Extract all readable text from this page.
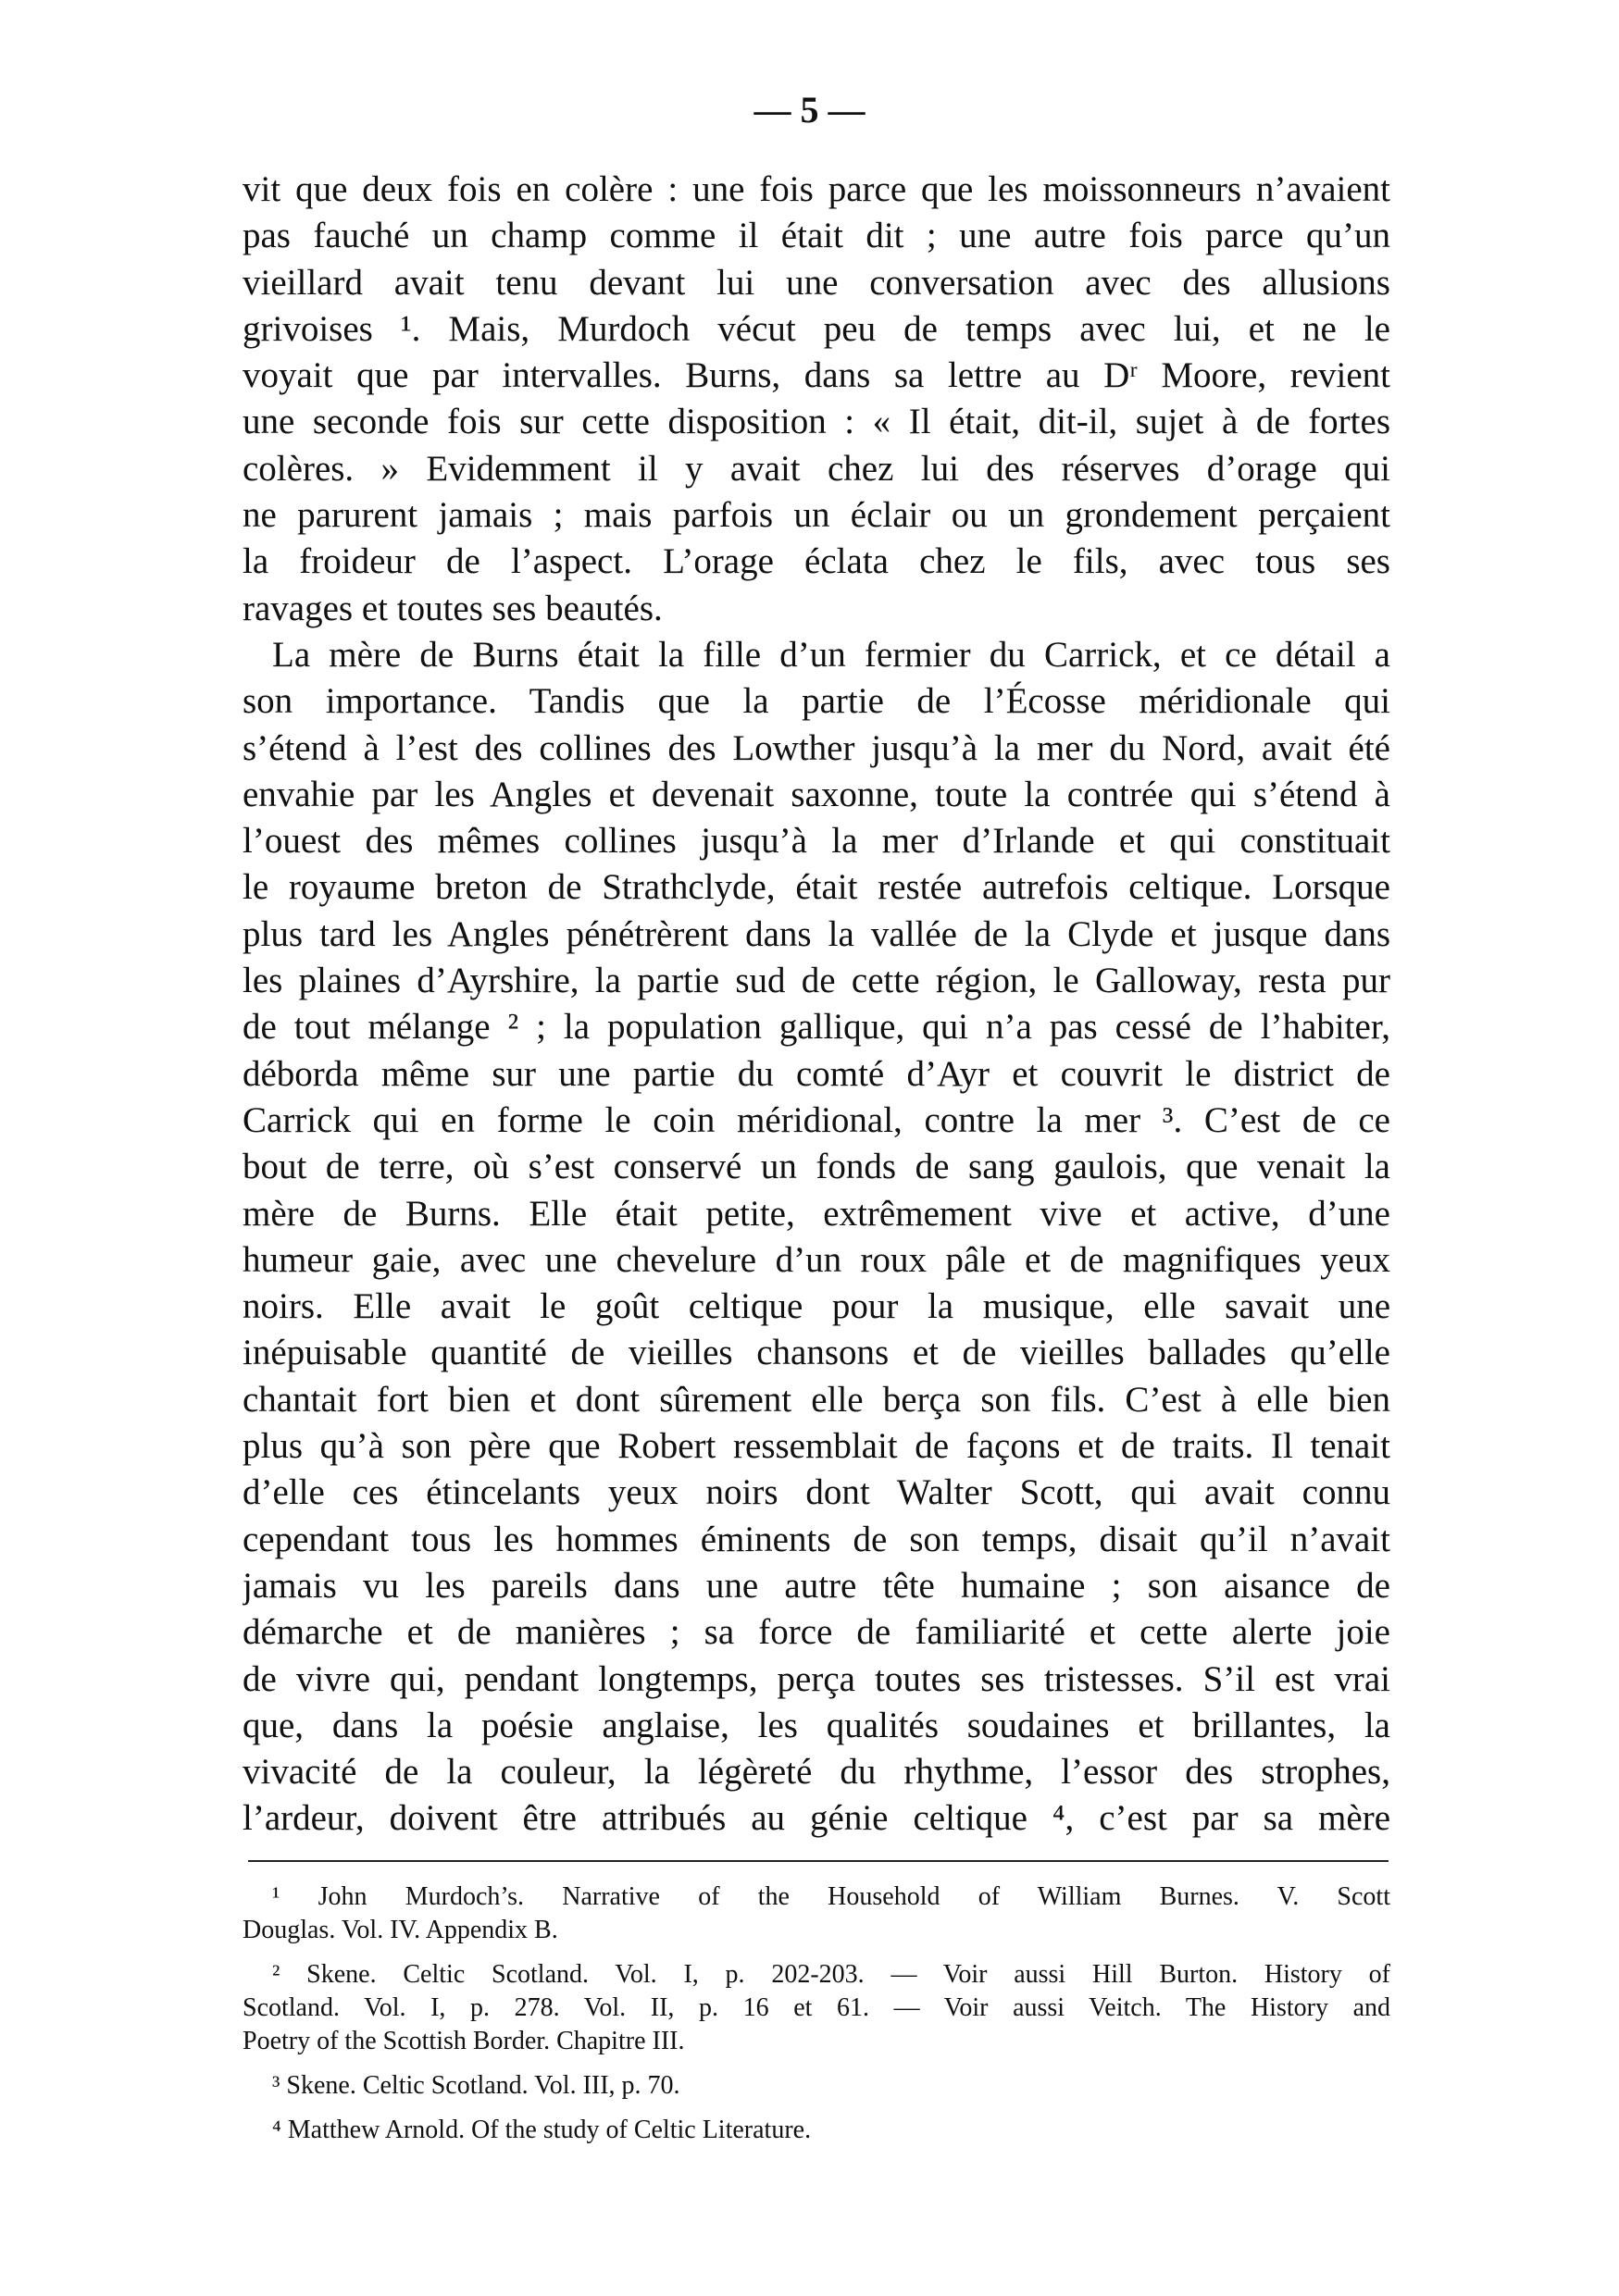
— 5 —
vit que deux fois en colère : une fois parce que les moissonneurs n’avaient
pas fauché un champ comme il était dit ; une autre fois parce qu’un
vieillard avait tenu devant lui une conversation avec des allusions
grivoises ¹. Mais, Murdoch vécut peu de temps avec lui, et ne le
voyait que par intervalles. Burns, dans sa lettre au Dʳ Moore, revient
une seconde fois sur cette disposition : « Il était, dit-il, sujet à de fortes
colères. » Evidemment il y avait chez lui des réserves d’orage qui
ne parurent jamais ; mais parfois un éclair ou un grondement perçaient
la froideur de l’aspect. L’orage éclata chez le fils, avec tous ses
ravages et toutes ses beautés.
La mère de Burns était la fille d’un fermier du Carrick, et ce détail a
son importance. Tandis que la partie de l’Écosse méridionale qui
s’étend à l’est des collines des Lowther jusqu’à la mer du Nord, avait été
envahie par les Angles et devenait saxonne, toute la contrée qui s’étend à
l’ouest des mêmes collines jusqu’à la mer d’Irlande et qui constituait
le royaume breton de Strathclyde, était restée autrefois celtique. Lorsque
plus tard les Angles pénétrèrent dans la vallée de la Clyde et jusque dans
les plaines d’Ayrshire, la partie sud de cette région, le Galloway, resta pur
de tout mélange ² ; la population gallique, qui n’a pas cessé de l’habiter,
déborda même sur une partie du comté d’Ayr et couvrit le district de
Carrick qui en forme le coin méridional, contre la mer ³. C’est de ce
bout de terre, où s’est conservé un fonds de sang gaulois, que venait la
mère de Burns. Elle était petite, extrêmement vive et active, d’une
humeur gaie, avec une chevelure d’un roux pâle et de magnifiques yeux
noirs. Elle avait le goût celtique pour la musique, elle savait une
inépuisable quantité de vieilles chansons et de vieilles ballades qu’elle
chantait fort bien et dont sûrement elle berça son fils. C’est à elle bien
plus qu’à son père que Robert ressemblait de façons et de traits. Il tenait
d’elle ces étincelants yeux noirs dont Walter Scott, qui avait connu
cependant tous les hommes éminents de son temps, disait qu’il n’avait
jamais vu les pareils dans une autre tête humaine ; son aisance de
démarche et de manières ; sa force de familiarité et cette alerte joie
de vivre qui, pendant longtemps, perça toutes ses tristesses. S’il est vrai
que, dans la poésie anglaise, les qualités soudaines et brillantes, la
vivacité de la couleur, la légèreté du rhythme, l’essor des strophes,
l’ardeur, doivent être attribués au génie celtique ⁴, c’est par sa mère
¹ John Murdoch’s. Narrative of the Household of William Burnes. V. Scott
Douglas. Vol. IV. Appendix B.
² Skene. Celtic Scotland. Vol. I, p. 202-203. — Voir aussi Hill Burton. History of
Scotland. Vol. I, p. 278. Vol. II, p. 16 et 61. — Voir aussi Veitch. The History and
Poetry of the Scottish Border. Chapitre III.
³ Skene. Celtic Scotland. Vol. III, p. 70.
⁴ Matthew Arnold. Of the study of Celtic Literature.
